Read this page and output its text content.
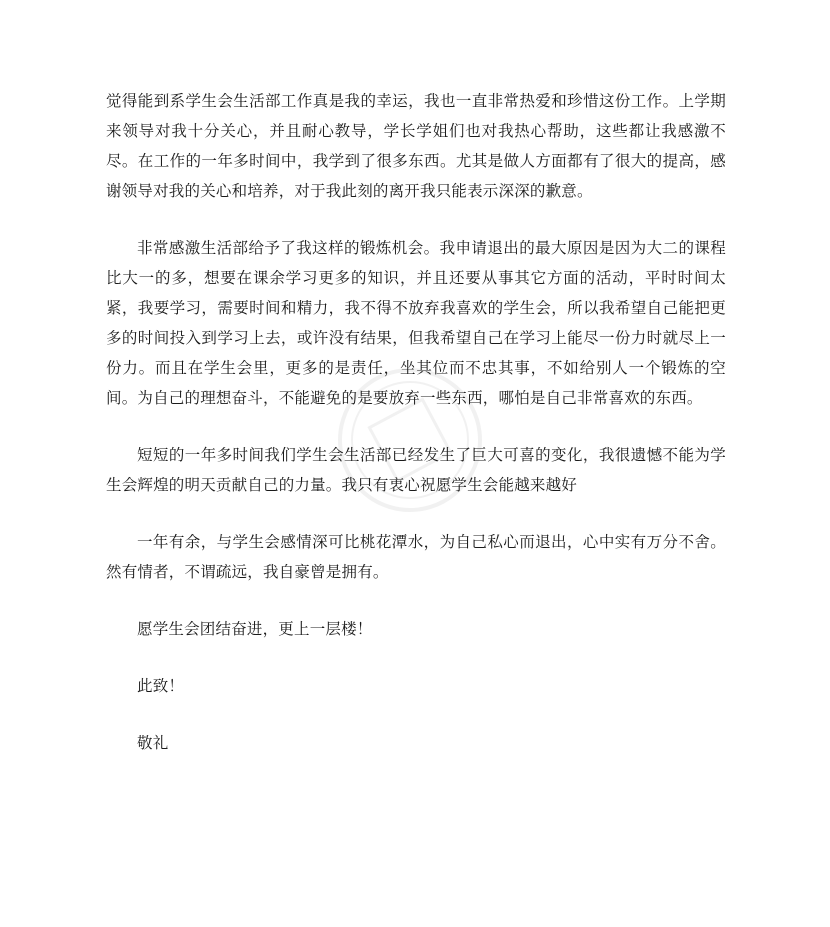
觉得能到系学生会生活部工作真是我的幸运，我也一直非常热爱和珍惜这份工作。上学期来领导对我十分关心，并且耐心教导，学长学姐们也对我热心帮助，这些都让我感激不尽。在工作的一年多时间中，我学到了很多东西。尤其是做人方面都有了很大的提高，感谢领导对我的关心和培养，对于我此刻的离开我只能表示深深的歉意。

非常感激生活部给予了我这样的锻炼机会。我申请退出的最大原因是因为大二的课程比大一的多，想要在课余学习更多的知识，并且还要从事其它方面的活动，平时时间太紧，我要学习，需要时间和精力，我不得不放弃我喜欢的学生会，所以我希望自己能把更多的时间投入到学习上去，或许没有结果，但我希望自己在学习上能尽一份力时就尽上一份力。而且在学生会里，更多的是责任，坐其位而不忠其事，不如给别人一个锻炼的空间。为自己的理想奋斗，不能避免的是要放弃一些东西，哪怕是自己非常喜欢的东西。

短短的一年多时间我们学生会生活部已经发生了巨大可喜的变化，我很遗憾不能为学生会辉煌的明天贡献自己的力量。我只有衷心祝愿学生会能越来越好

一年有余，与学生会感情深可比桃花潭水，为自己私心而退出，心中实有万分不舍。然有情者，不谓疏远，我自豪曾是拥有。

愿学生会团结奋进，更上一层楼！

此致！

敬礼
